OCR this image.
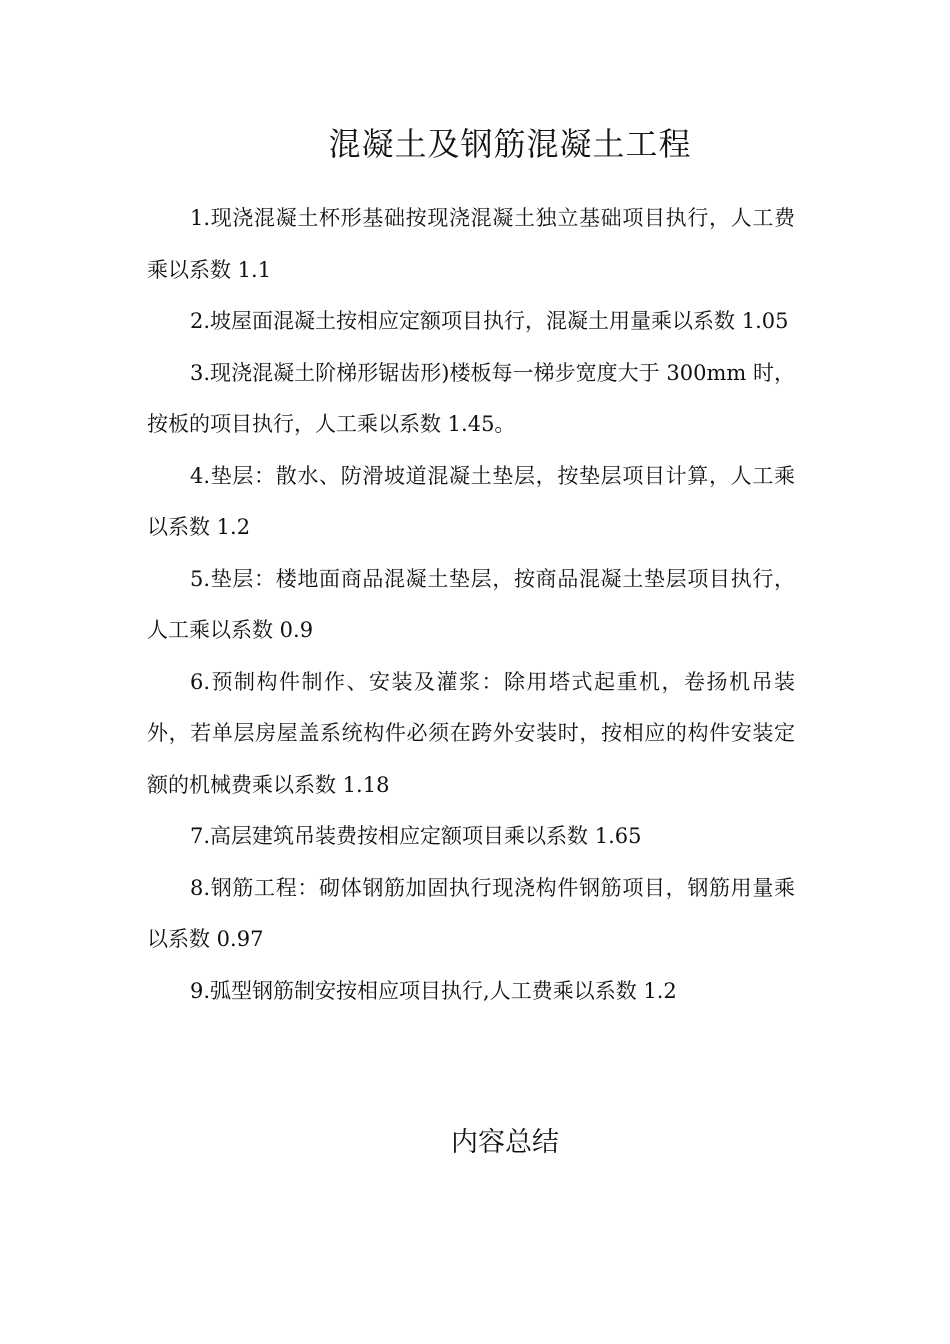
混凝土及钢筋混凝土工程

1.现浇混凝土杯形基础按现浇混凝土独立基础项目执行，人工费乘以系数 1.1

2.坡屋面混凝土按相应定额项目执行，混凝土用量乘以系数 1.05

3.现浇混凝土阶梯形锯齿形)楼板每一梯步宽度大于 300mm 时，按板的项目执行，人工乘以系数 1.45。

4.垫层：散水、防滑坡道混凝土垫层，按垫层项目计算，人工乘以系数 1.2

5.垫层：楼地面商品混凝土垫层，按商品混凝土垫层项目执行，人工乘以系数 0.9

6.预制构件制作、安装及灌浆：除用塔式起重机，卷扬机吊装外，若单层房屋盖系统构件必须在跨外安装时，按相应的构件安装定额的机械费乘以系数 1.18

7.高层建筑吊装费按相应定额项目乘以系数 1.65

8.钢筋工程：砌体钢筋加固执行现浇构件钢筋项目，钢筋用量乘以系数 0.97

9.弧型钢筋制安按相应项目执行,人工费乘以系数 1.2

内容总结
